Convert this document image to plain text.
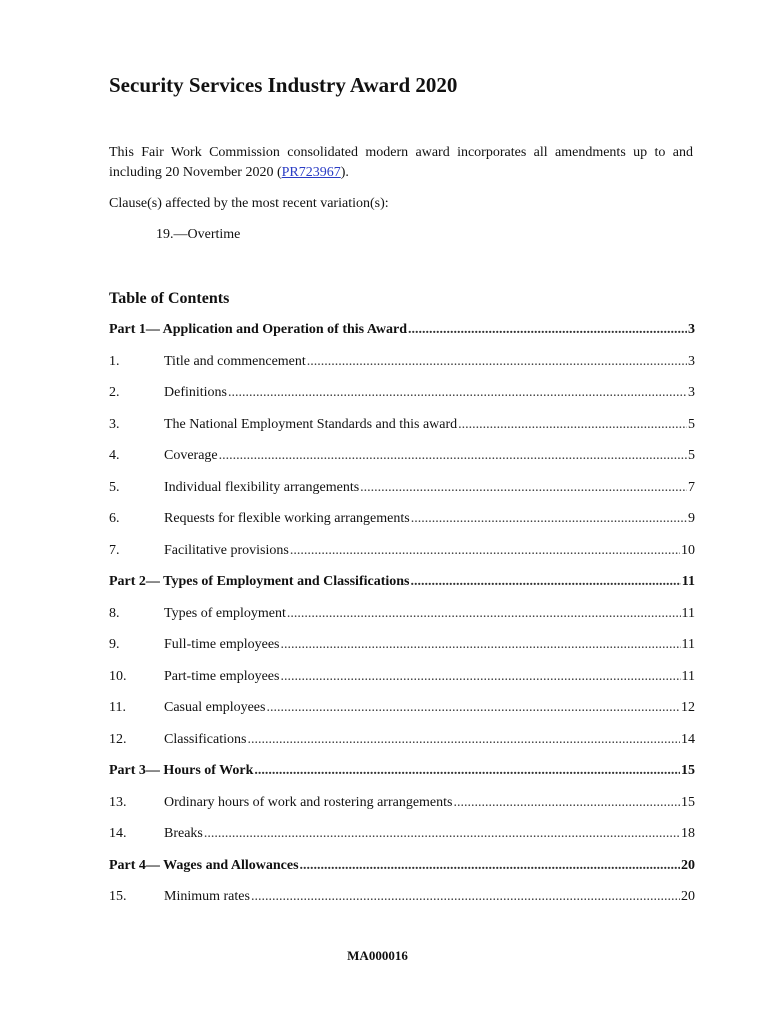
Security Services Industry Award 2020

This Fair Work Commission consolidated modern award incorporates all amendments up to and including 20 November 2020 (PR723967).

Clause(s) affected by the most recent variation(s):

19.—Overtime

Table of Contents
Part 1— Application and Operation of this Award .....	3
1.	Title and commencement .....	3
2.	Definitions .....	3
3.	The National Employment Standards and this award .....	5
4.	Coverage .....	5
5.	Individual flexibility arrangements .....	7
6.	Requests for flexible working arrangements .....	9
7.	Facilitative provisions .....	10
Part 2— Types of Employment and Classifications .....	11
8.	Types of employment .....	11
9.	Full-time employees .....	11
10.	Part-time employees .....	11
11.	Casual employees .....	12
12.	Classifications .....	14
Part 3— Hours of Work .....	15
13.	Ordinary hours of work and rostering arrangements .....	15
14.	Breaks .....	18
Part 4— Wages and Allowances .....	20
15.	Minimum rates .....	20

MA000016
